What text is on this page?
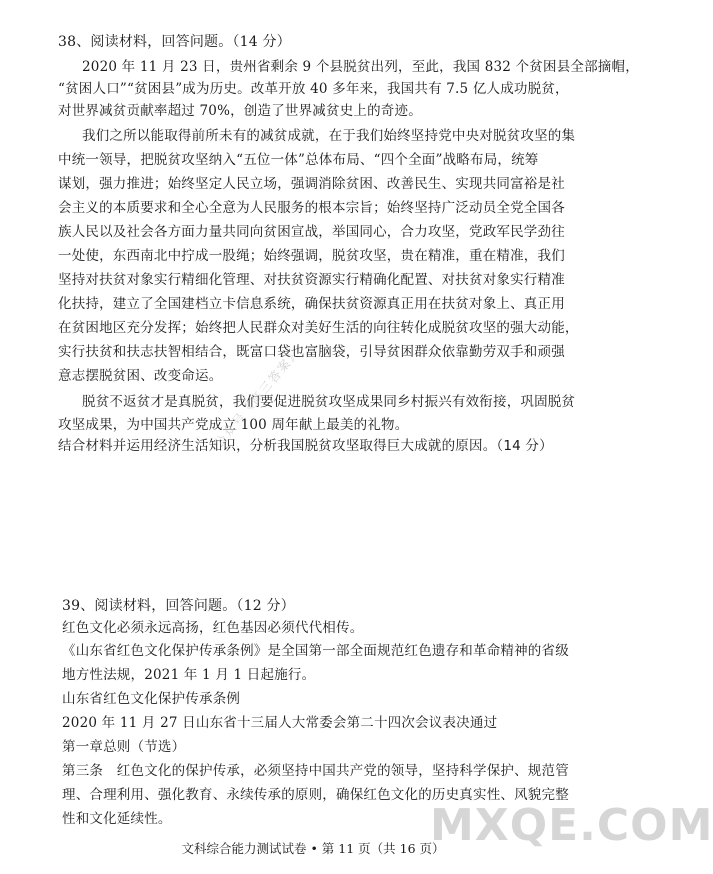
38、阅读材料，回答问题。（14 分）
2020 年 11 月 23 日，贵州省剩余 9 个县脱贫出列，至此，我国 832 个贫困县全部摘帽，
“贫困人口”“贫困县”成为历史。改革开放 40 多年来，我国共有 7.5 亿人成功脱贫，
对世界减贫贡献率超过 70%，创造了世界减贫史上的奇迹。
我们之所以能取得前所未有的减贫成就，在于我们始终坚持党中央对脱贫攻坚的集
中统一领导，把脱贫攻坚纳入“五位一体”总体布局、“四个全面”战略布局，统筹
谋划，强力推进；始终坚定人民立场，强调消除贫困、改善民生、实现共同富裕是社
会主义的本质要求和全心全意为人民服务的根本宗旨；始终坚持广泛动员全党全国各
族人民以及社会各方面力量共同向贫困宣战，举国同心，合力攻坚，党政军民学劲往
一处使，东西南北中拧成一股绳；始终强调，脱贫攻坚，贵在精准，重在精准，我们
坚持对扶贫对象实行精细化管理、对扶贫资源实行精确化配置、对扶贫对象实行精准
化扶持，建立了全国建档立卡信息系统，确保扶贫资源真正用在扶贫对象上、真正用
在贫困地区充分发挥；始终把人民群众对美好生活的向往转化成脱贫攻坚的强大动能，
实行扶贫和扶志扶智相结合，既富口袋也富脑袋，引导贫困群众依靠勤劳双手和顽强
意志摆脱贫困、改变命运。
脱贫不返贫才是真脱贫，我们要促进脱贫攻坚成果同乡村振兴有效衔接，巩固脱贫
攻坚成果，为中国共产党成立 100 周年献上最美的礼物。
结合材料并运用经济生活知识，分析我国脱贫攻坚取得巨大成就的原因。（14 分）
39、阅读材料，回答问题。（12 分）
红色文化必须永远高扬，红色基因必须代代相传。
《山东省红色文化保护传承条例》是全国第一部全面规范红色遗存和革命精神的省级
地方性法规，2021 年 1 月 1 日起施行。
山东省红色文化保护传承条例
2020 年 11 月 27 日山东省十三届人大常委会第二十四次会议表决通过
第一章总则（节选）
第三条　红色文化的保护传承，必须坚持中国共产党的领导，坚持科学保护、规范管
理、合理利用、强化教育、永续传承的原则，确保红色文化的历史真实性、风貌完整
性和文化延续性。
公众号《高三答案》
MXQE.COM
文科综合能力测试试卷 • 第 11 页（共 16 页）
